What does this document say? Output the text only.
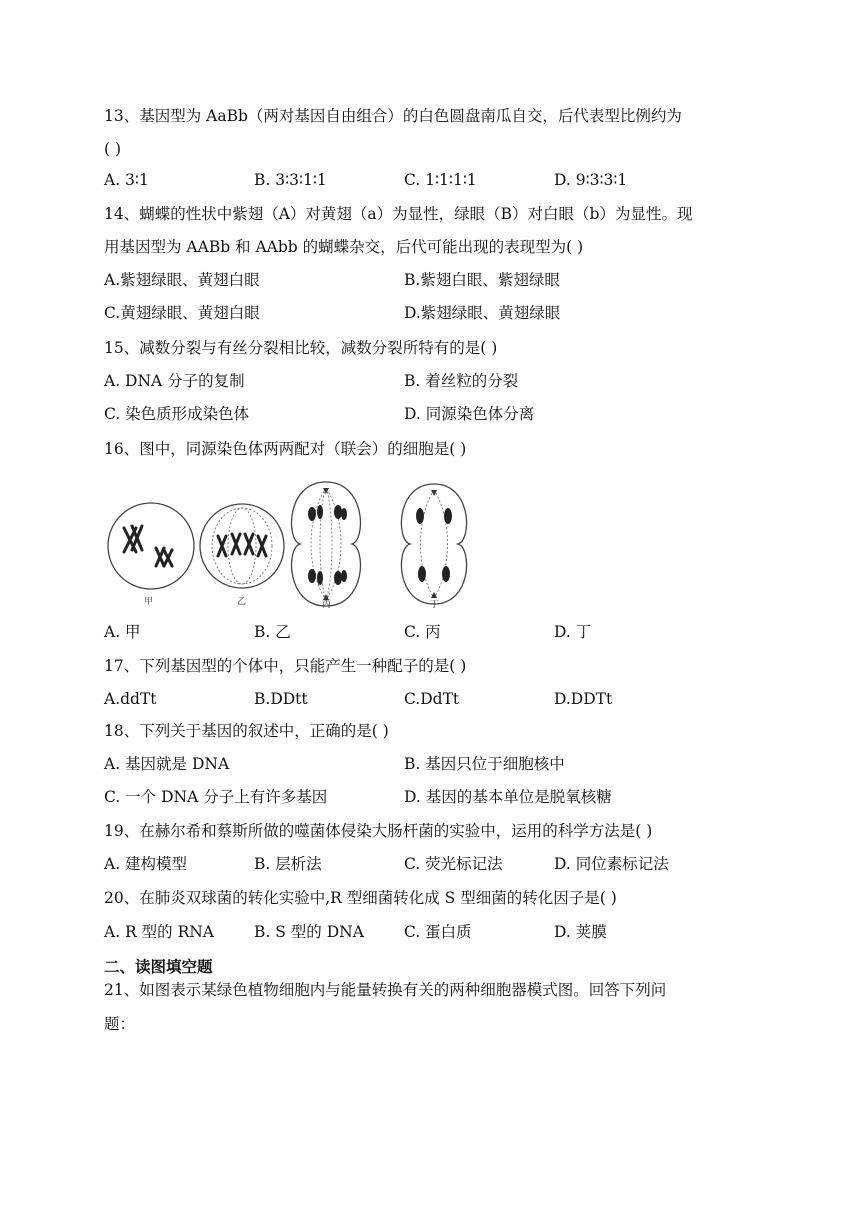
13、基因型为 AaBb（两对基因自由组合）的白色圆盘南瓜自交，后代表型比例约为
( )
A. 3∶1	B. 3∶3∶1∶1	C. 1∶1∶1∶1	D. 9∶3∶3∶1
14、蝴蝶的性状中紫翅（A）对黄翅（a）为显性，绿眼（B）对白眼（b）为显性。现
用基因型为 AABb 和 AAbb 的蝴蝶杂交，后代可能出现的表现型为( )
A.紫翅绿眼、黄翅白眼	B.紫翅白眼、紫翅绿眼
C.黄翅绿眼、黄翅白眼	D.紫翅绿眼、黄翅绿眼
15、减数分裂与有丝分裂相比较，减数分裂所特有的是( )
A. DNA 分子的复制	B. 着丝粒的分裂
C. 染色质形成染色体	D. 同源染色体分离
16、图中，同源染色体两两配对（联会）的细胞是( )
甲	乙	丙	丁
A. 甲	B. 乙	C. 丙	D. 丁
17、下列基因型的个体中，只能产生一种配子的是( )
A.ddTt	B.DDtt	C.DdTt	D.DDTt
18、下列关于基因的叙述中，正确的是( )
A. 基因就是 DNA	B. 基因只位于细胞核中
C. 一个 DNA 分子上有许多基因	D. 基因的基本单位是脱氧核糖
19、在赫尔希和蔡斯所做的噬菌体侵染大肠杆菌的实验中，运用的科学方法是( )
A. 建构模型	B. 层析法	C. 荧光标记法	D. 同位素标记法
20、在肺炎双球菌的转化实验中,R 型细菌转化成 S 型细菌的转化因子是( )
A. R 型的 RNA	B. S 型的 DNA	C. 蛋白质	D. 荚膜
二、读图填空题
21、如图表示某绿色植物细胞内与能量转换有关的两种细胞器模式图。回答下列问
题：
